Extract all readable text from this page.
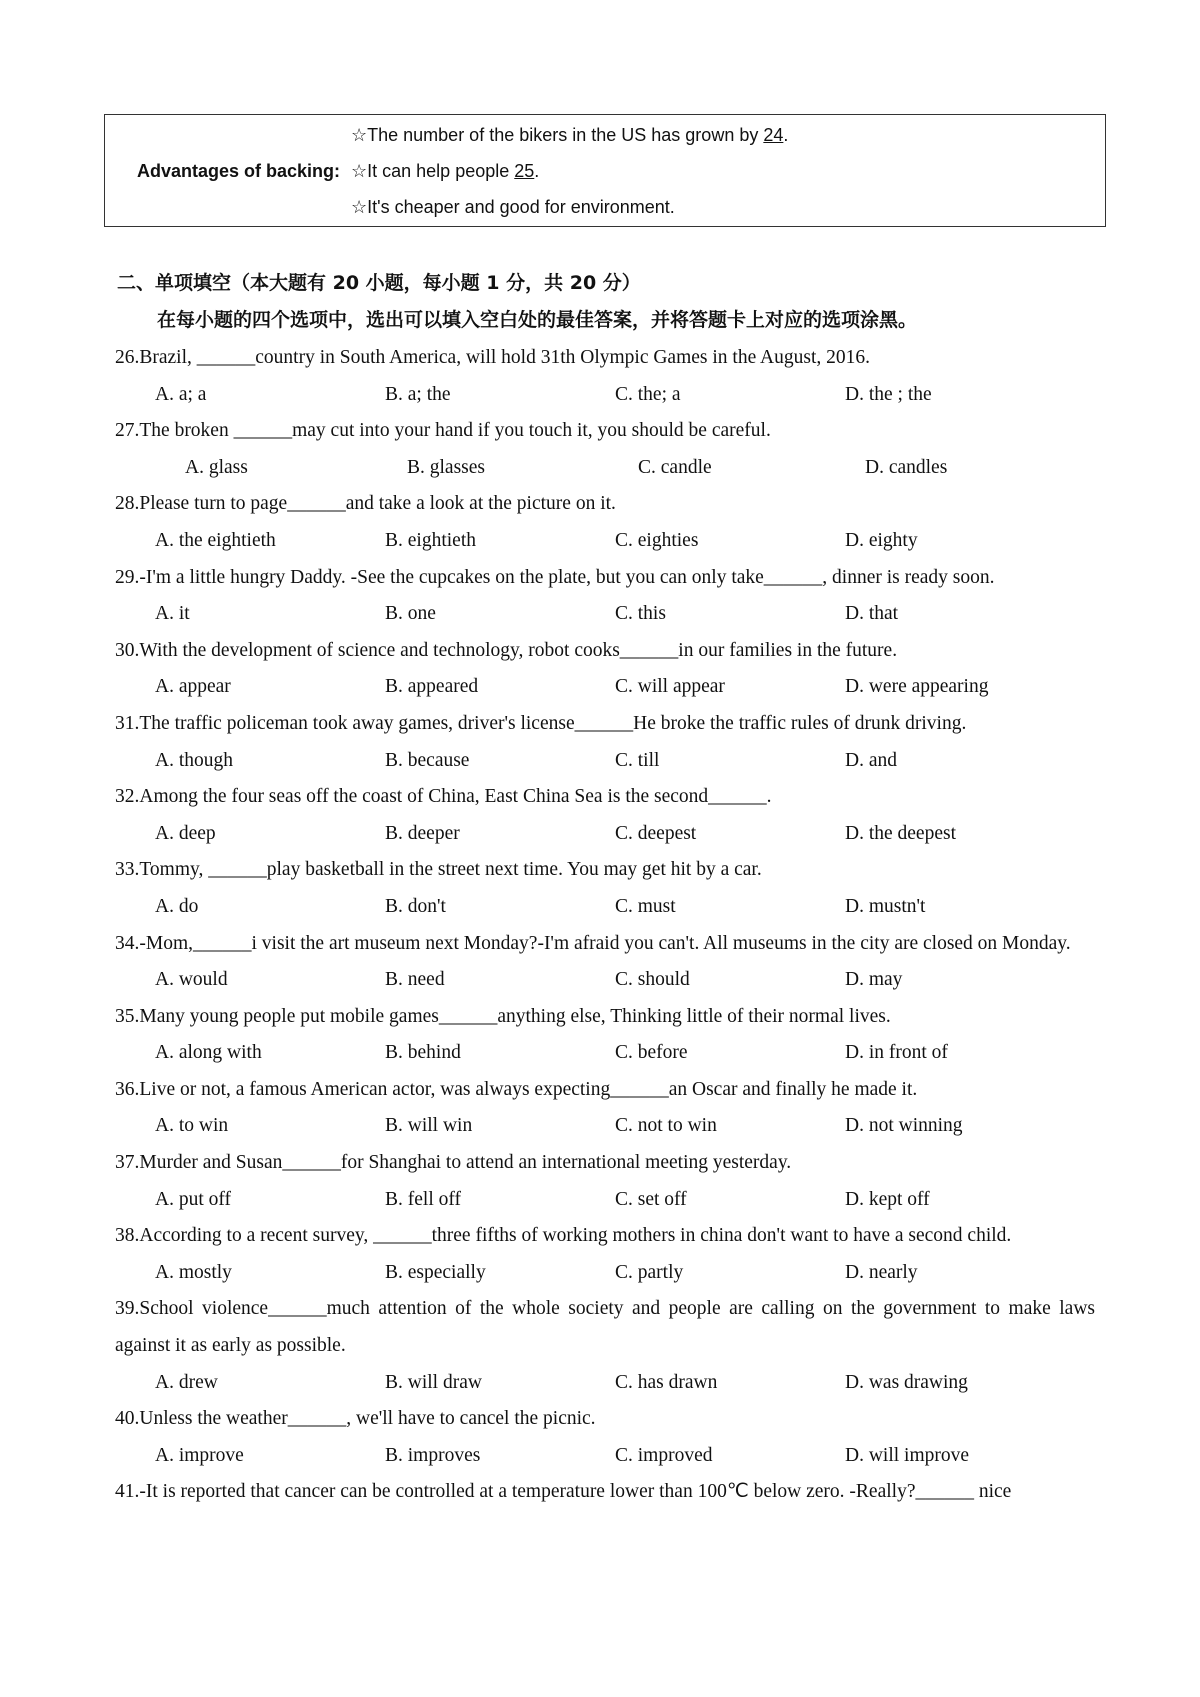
Advantages of backing:
☆The number of the bikers in the US has grown by 24.
☆It can help people 25.
☆It's cheaper and good for environment.
二、单项填空（本大题有 20 小题，每小题 1 分，共 20 分）
在每小题的四个选项中，选出可以填入空白处的最佳答案，并将答题卡上对应的选项涂黑。
26.Brazil, ______country in South America, will hold 31th Olympic Games in the August, 2016.
A. a; a	B. a; the	C. the; a	D. the ; the
27.The broken ______may cut into your hand if you touch it, you should be careful.
A. glass	B. glasses	C. candle	D. candles
28.Please turn to page______and take a look at the picture on it.
A. the eightieth	B. eightieth	C. eighties	D. eighty
29.-I'm a little hungry Daddy. -See the cupcakes on the plate, but you can only take______, dinner is ready soon.
A. it	B. one	C. this	D. that
30.With the development of science and technology, robot cooks______in our families in the future.
A. appear	B. appeared	C. will appear	D. were appearing
31.The traffic policeman took away games, driver's license______He broke the traffic rules of drunk driving.
A. though	B. because	C. till	D. and
32.Among the four seas off the coast of China, East China Sea is the second______.
A. deep	B. deeper	C. deepest	D. the deepest
33.Tommy, ______play basketball in the street next time. You may get hit by a car.
A. do	B. don't	C. must	D. mustn't
34.-Mom,______i visit the art museum next Monday?-I'm afraid you can't. All museums in the city are closed on Monday.
A. would	B. need	C. should	D. may
35.Many young people put mobile games______anything else, Thinking little of their normal lives.
A. along with	B. behind	C. before	D. in front of
36.Live or not, a famous American actor, was always expecting______an Oscar and finally he made it.
A. to win	B. will win	C. not to win	D. not winning
37.Murder and Susan______for Shanghai to attend an international meeting yesterday.
A. put off	B. fell off	C. set off	D. kept off
38.According to a recent survey, ______three fifths of working mothers in china don't want to have a second child.
A. mostly	B. especially	C. partly	D. nearly
39.School violence______much attention of the whole society and people are calling on the government to make laws against it as early as possible.
A. drew	B. will draw	C. has drawn	D. was drawing
40.Unless the weather______, we'll have to cancel the picnic.
A. improve	B. improves	C. improved	D. will improve
41.-It is reported that cancer can be controlled at a temperature lower than 100℃ below zero. -Really?______ nice
